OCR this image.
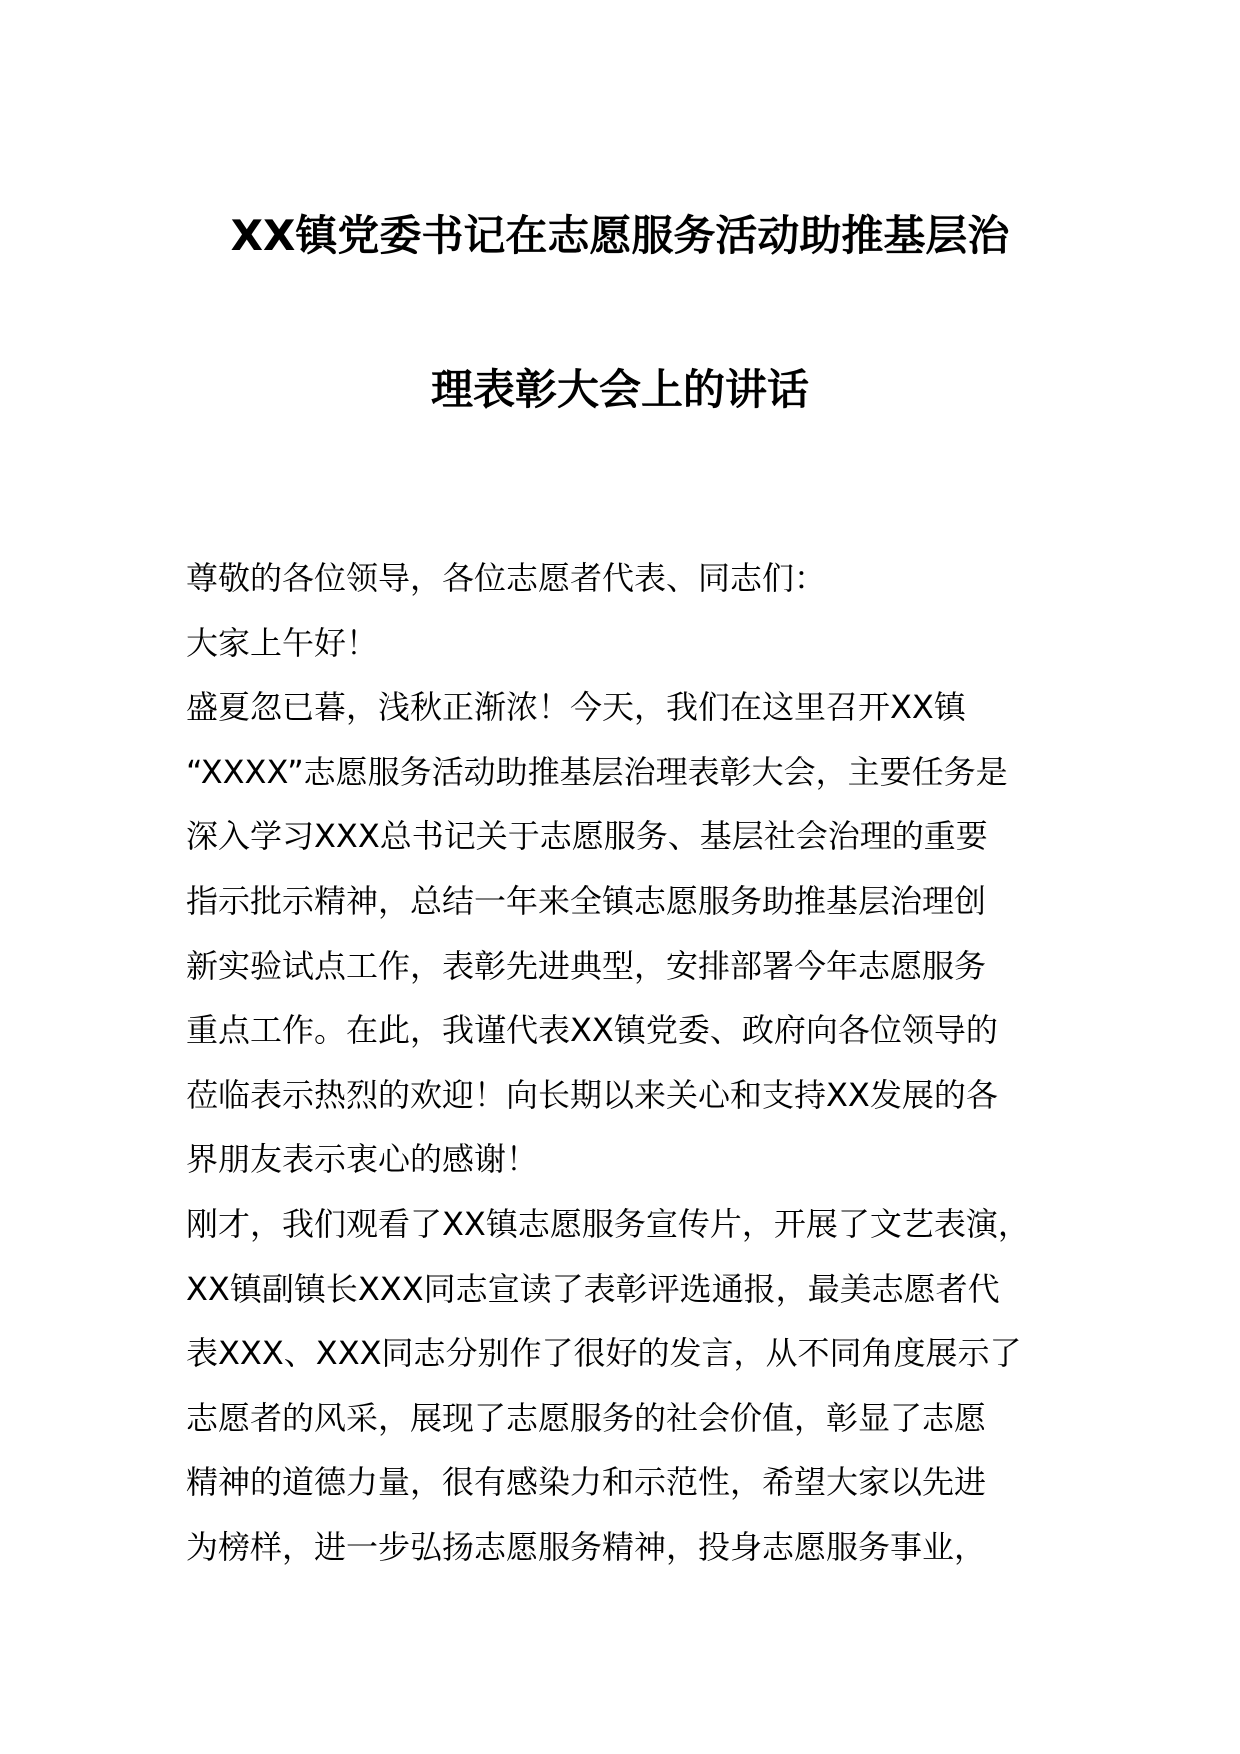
XX镇党委书记在志愿服务活动助推基层治
理表彰大会上的讲话

尊敬的各位领导，各位志愿者代表、同志们：

大家上午好！

盛夏忽已暮，浅秋正渐浓！今天，我们在这里召开XX镇

“XXXX”志愿服务活动助推基层治理表彰大会，主要任务是

深入学习XXX总书记关于志愿服务、基层社会治理的重要

指示批示精神，总结一年来全镇志愿服务助推基层治理创

新实验试点工作，表彰先进典型，安排部署今年志愿服务

重点工作。在此，我谨代表XX镇党委、政府向各位领导的

莅临表示热烈的欢迎！向长期以来关心和支持XX发展的各

界朋友表示衷心的感谢！

刚才，我们观看了XX镇志愿服务宣传片，开展了文艺表演，

XX镇副镇长XXX同志宣读了表彰评选通报，最美志愿者代

表XXX、XXX同志分别作了很好的发言，从不同角度展示了

志愿者的风采，展现了志愿服务的社会价值，彰显了志愿

精神的道德力量，很有感染力和示范性，希望大家以先进

为榜样，进一步弘扬志愿服务精神，投身志愿服务事业，
